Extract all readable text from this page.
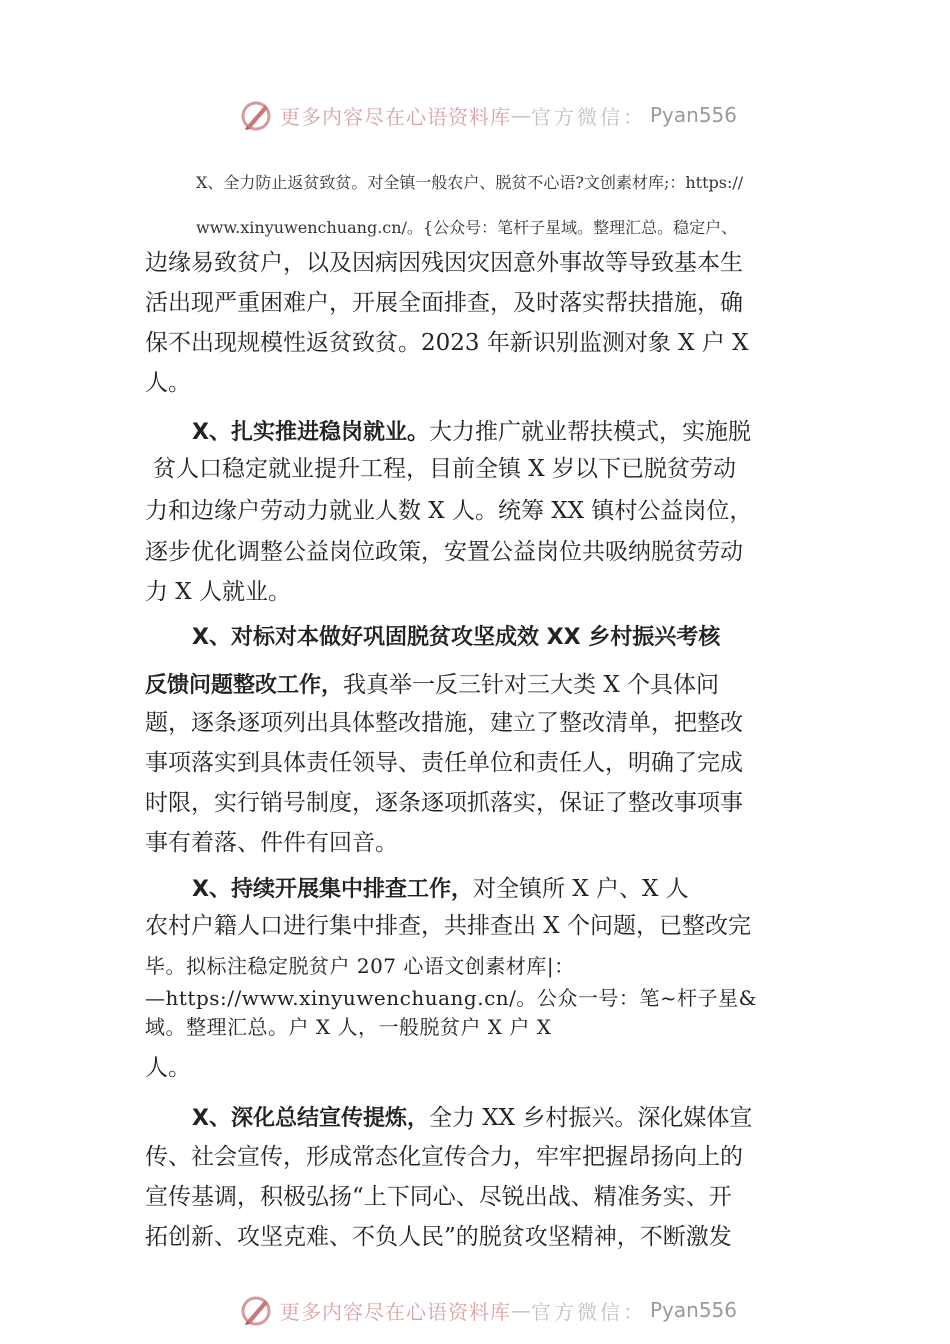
更多内容尽在心语资料库 — 官方微信： Pyan556
X、全力防止返贫致贫。对全镇一般农户、脱贫不心语?文创素材库;：https://
www.xinyuwenchuang.cn/。{公众号：笔杆子星域。整理汇总。稳定户、
边缘易致贫户，以及因病因残因灾因意外事故等导致基本生
活出现严重困难户，开展全面排查，及时落实帮扶措施，确
保不出现规模性返贫致贫。2023 年新识别监测对象 X 户 X
人。
X、扎实推进稳岗就业。大力推广就业帮扶模式，实施脱
贫人口稳定就业提升工程，目前全镇 X 岁以下已脱贫劳动
力和边缘户劳动力就业人数 X 人。统筹 XX 镇村公益岗位，
逐步优化调整公益岗位政策，安置公益岗位共吸纳脱贫劳动
力 X 人就业。
X、对标对本做好巩固脱贫攻坚成效 XX 乡村振兴考核
反馈问题整改工作，我真举一反三针对三大类 X 个具体问
题，逐条逐项列出具体整改措施，建立了整改清单，把整改
事项落实到具体责任领导、责任单位和责任人，明确了完成
时限，实行销号制度，逐条逐项抓落实，保证了整改事项事
事有着落、件件有回音。
X、持续开展集中排查工作，对全镇所 X 户、X 人
农村户籍人口进行集中排查，共排查出 X 个问题，已整改完
毕。拟标注稳定脱贫户 207 心语文创素材库|：
—https://www.xinyuwenchuang.cn/。公众一号：笔~杆子星&
域。整理汇总。户 X 人，一般脱贫户 X 户 X
人。
X、深化总结宣传提炼，全力 XX 乡村振兴。深化媒体宣
传、社会宣传，形成常态化宣传合力，牢牢把握昂扬向上的
宣传基调，积极弘扬“上下同心、尽锐出战、精准务实、开
拓创新、攻坚克难、不负人民”的脱贫攻坚精神，不断激发
更多内容尽在心语资料库 — 官方微信： Pyan556
